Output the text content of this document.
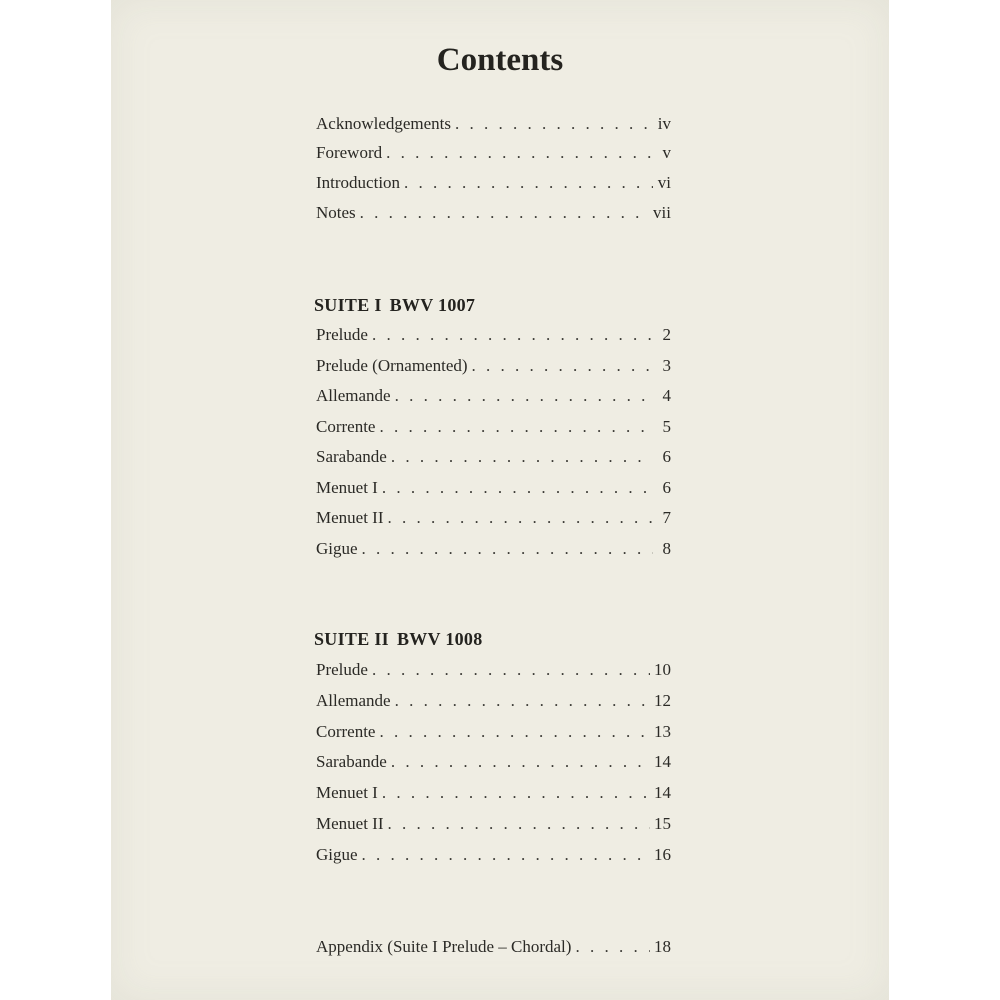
Contents
Acknowledgements . . .	iv
Foreword . . .	v
Introduction . . .	vi
Notes . . .	vii
SUITE I BWV 1007
Prelude . . .	2
Prelude (Ornamented) . . .	3
Allemande . . .	4
Corrente . . .	5
Sarabande . . .	6
Menuet I . . .	6
Menuet II . . .	7
Gigue . . .	8
SUITE II BWV 1008
Prelude . . .	10
Allemande . . .	12
Corrente . . .	13
Sarabande . . .	14
Menuet I . . .	14
Menuet II . . .	15
Gigue . . .	16
Appendix (Suite I Prelude – Chordal) . . .	18
